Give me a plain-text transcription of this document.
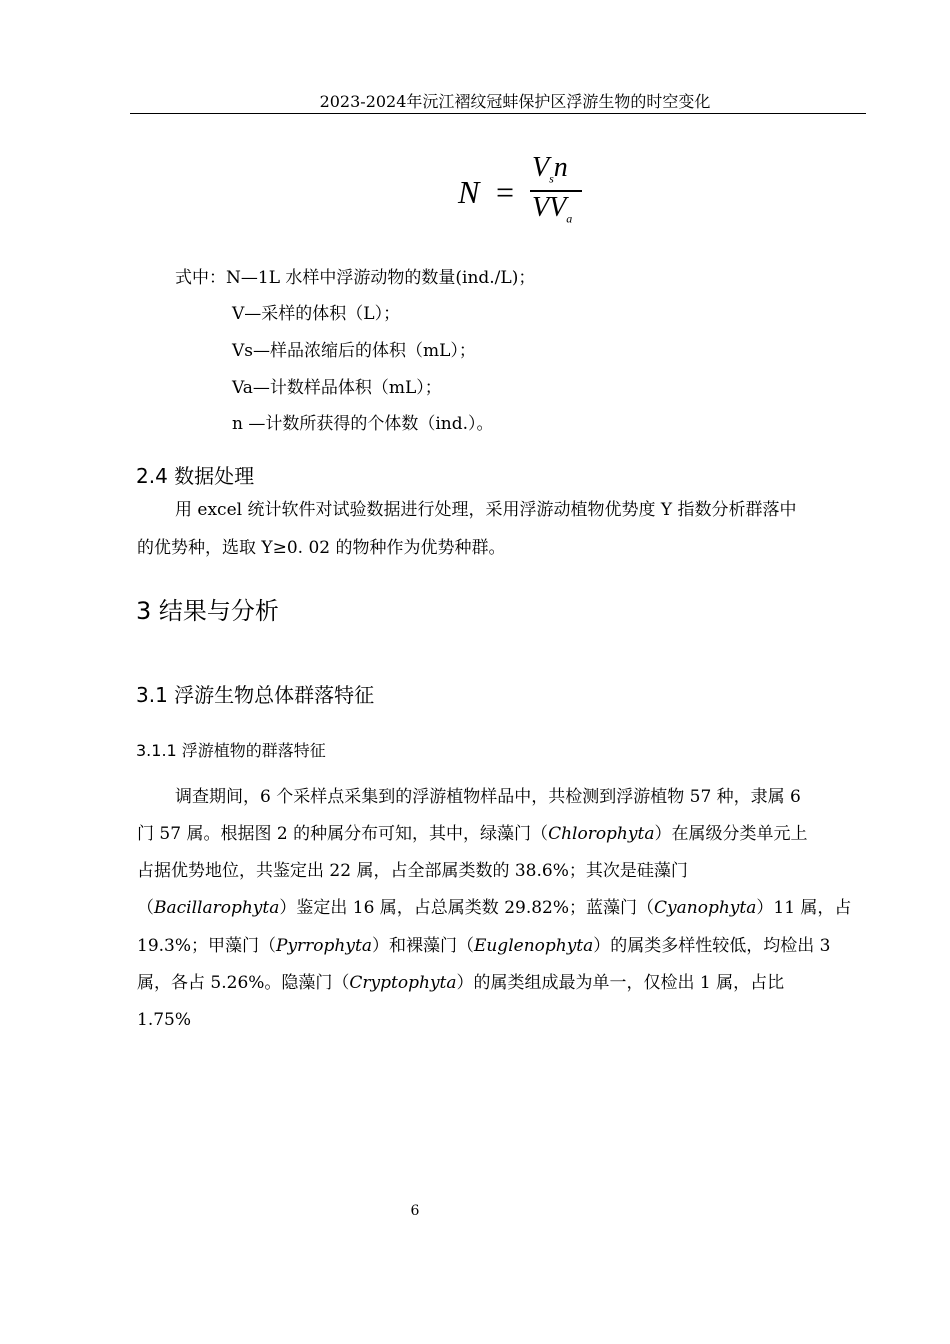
2023-2024年沅江褶纹冠蚌保护区浮游生物的时空变化
N =
$V_sn$
$VV_a$
式中：N—1L 水样中浮游动物的数量(ind./L)；
V—采样的体积（L）；
Vs—样品浓缩后的体积（mL）；
Va—计数样品体积（mL）；
n —计数所获得的个体数（ind.）。
2.4 数据处理
用 excel 统计软件对试验数据进行处理，采用浮游动植物优势度 Y 指数分析群落中
的优势种，选取 Y≥0. 02 的物种作为优势种群。
3 结果与分析
3.1 浮游生物总体群落特征
3.1.1 浮游植物的群落特征
调查期间，6 个采样点采集到的浮游植物样品中，共检测到浮游植物 57 种，隶属 6
门 57 属。根据图 2 的种属分布可知，其中，绿藻门（Chlorophyta）在属级分类单元上
占据优势地位，共鉴定出 22 属，占全部属类数的 38.6%；其次是硅藻门
（Bacillarophyta）鉴定出 16 属，占总属类数 29.82%；蓝藻门（Cyanophyta）11 属，占
19.3%；甲藻门（Pyrrophyta）和裸藻门（Euglenophyta）的属类多样性较低，均检出 3
属，各占 5.26%。隐藻门（Cryptophyta）的属类组成最为单一，仅检出 1 属，占比
1.75%
6
